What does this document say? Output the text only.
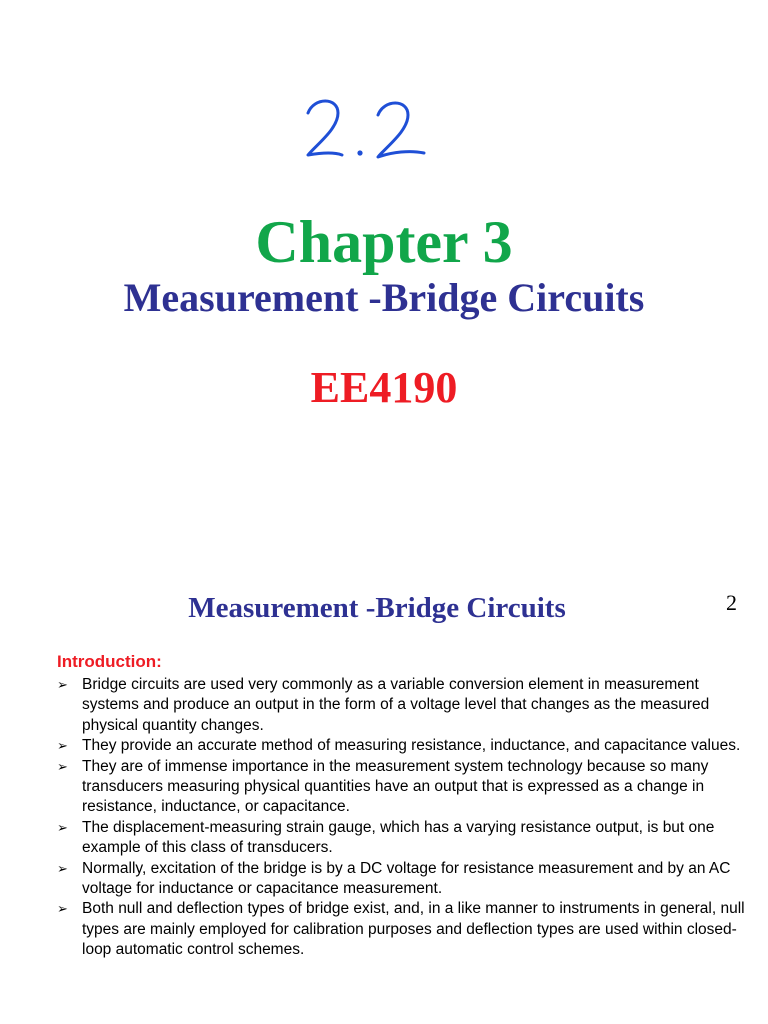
Chapter 3
Measurement -Bridge Circuits
EE4190
2
Measurement -Bridge Circuits
Introduction:
➢ Bridge circuits are used very commonly as a variable conversion element in measurement systems and produce an output in the form of a voltage level that changes as the measured physical quantity changes.
➢ They provide an accurate method of measuring resistance, inductance, and capacitance values.
➢ They are of immense importance in the measurement system technology because so many transducers measuring physical quantities have an output that is expressed as a change in resistance, inductance, or capacitance.
➢ The displacement-measuring strain gauge, which has a varying resistance output, is but one example of this class of transducers.
➢ Normally, excitation of the bridge is by a DC voltage for resistance measurement and by an AC voltage for inductance or capacitance measurement.
➢ Both null and deflection types of bridge exist, and, in a like manner to instruments in general, null types are mainly employed for calibration purposes and deflection types are used within closed-loop automatic control schemes.
